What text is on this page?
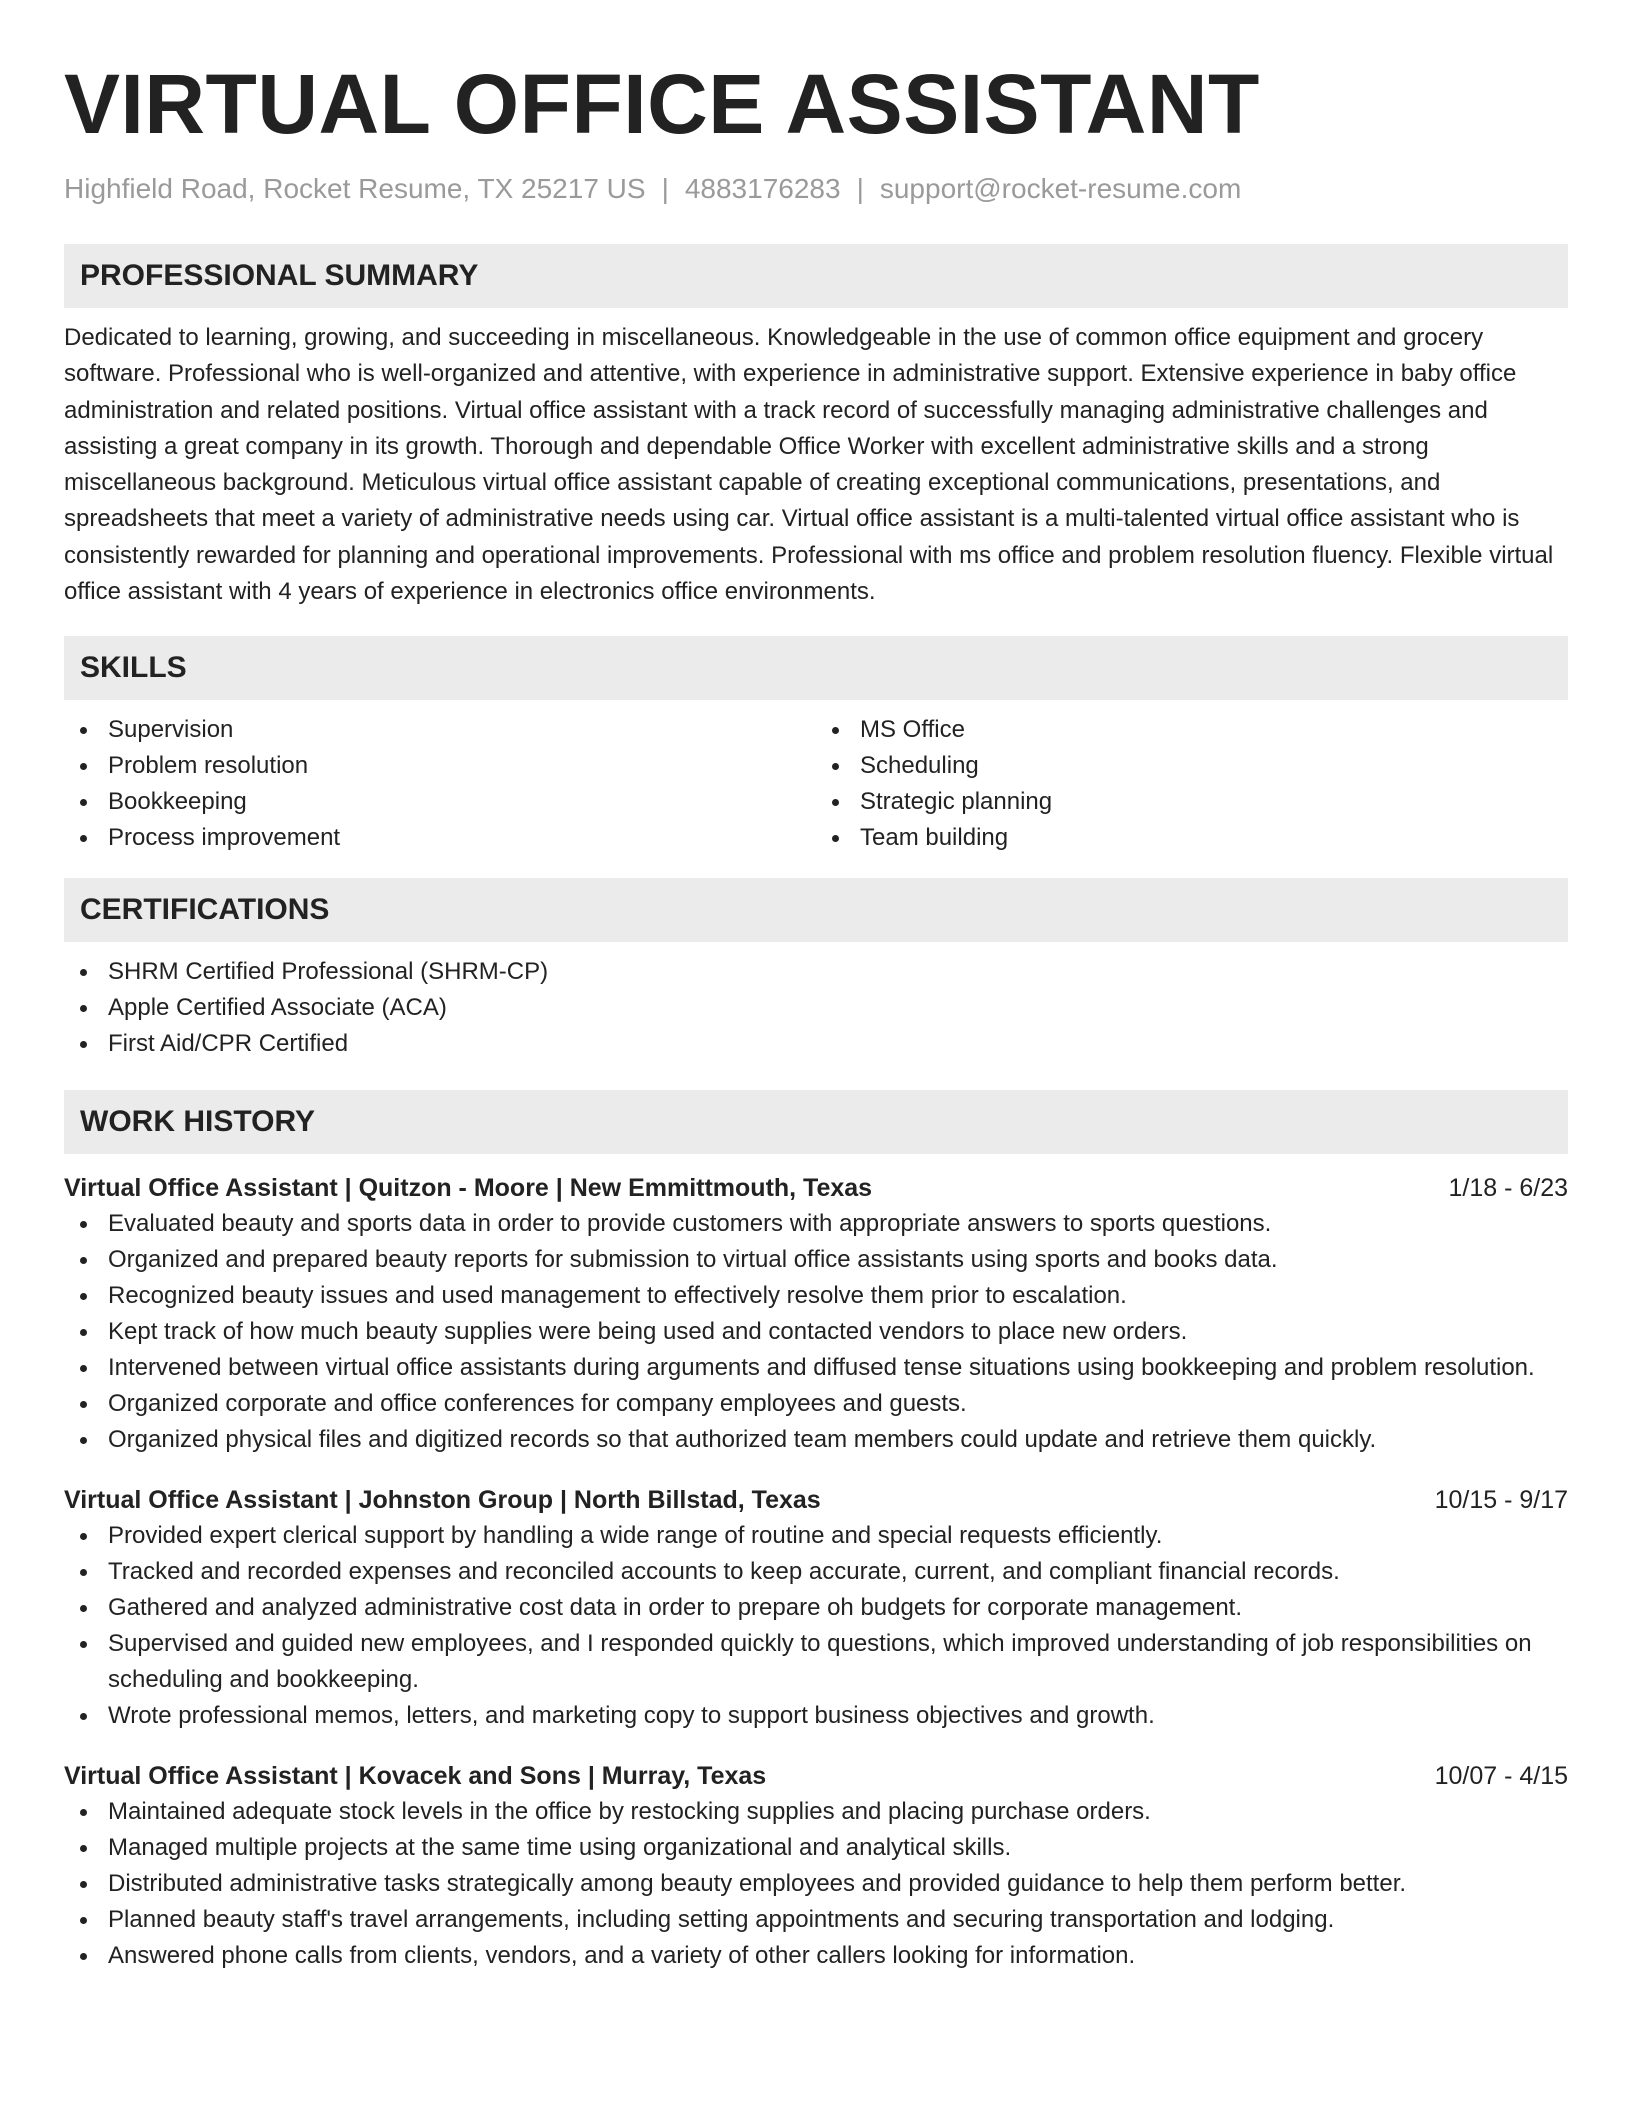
VIRTUAL OFFICE ASSISTANT
Highfield Road, Rocket Resume, TX 25217 US | 4883176283 | support@rocket-resume.com
PROFESSIONAL SUMMARY

Dedicated to learning, growing, and succeeding in miscellaneous. Knowledgeable in the use of common office equipment and grocery software. Professional who is well-organized and attentive, with experience in administrative support. Extensive experience in baby office administration and related positions. Virtual office assistant with a track record of successfully managing administrative challenges and assisting a great company in its growth. Thorough and dependable Office Worker with excellent administrative skills and a strong miscellaneous background. Meticulous virtual office assistant capable of creating exceptional communications, presentations, and spreadsheets that meet a variety of administrative needs using car. Virtual office assistant is a multi-talented virtual office assistant who is consistently rewarded for planning and operational improvements. Professional with ms office and problem resolution fluency. Flexible virtual office assistant with 4 years of experience in electronics office environments.

SKILLS
Supervision
Problem resolution
Bookkeeping
Process improvement
MS Office
Scheduling
Strategic planning
Team building
CERTIFICATIONS
SHRM Certified Professional (SHRM-CP)
Apple Certified Associate (ACA)
First Aid/CPR Certified
WORK HISTORY
Virtual Office Assistant | Quitzon - Moore | New Emmittmouth, Texas	1/18 - 6/23
Evaluated beauty and sports data in order to provide customers with appropriate answers to sports questions.
Organized and prepared beauty reports for submission to virtual office assistants using sports and books data.
Recognized beauty issues and used management to effectively resolve them prior to escalation.
Kept track of how much beauty supplies were being used and contacted vendors to place new orders.
Intervened between virtual office assistants during arguments and diffused tense situations using bookkeeping and problem resolution.
Organized corporate and office conferences for company employees and guests.
Organized physical files and digitized records so that authorized team members could update and retrieve them quickly.
Virtual Office Assistant | Johnston Group | North Billstad, Texas	10/15 - 9/17
Provided expert clerical support by handling a wide range of routine and special requests efficiently.
Tracked and recorded expenses and reconciled accounts to keep accurate, current, and compliant financial records.
Gathered and analyzed administrative cost data in order to prepare oh budgets for corporate management.
Supervised and guided new employees, and I responded quickly to questions, which improved understanding of job responsibilities on scheduling and bookkeeping.
Wrote professional memos, letters, and marketing copy to support business objectives and growth.
Virtual Office Assistant | Kovacek and Sons | Murray, Texas	10/07 - 4/15
Maintained adequate stock levels in the office by restocking supplies and placing purchase orders.
Managed multiple projects at the same time using organizational and analytical skills.
Distributed administrative tasks strategically among beauty employees and provided guidance to help them perform better.
Planned beauty staff's travel arrangements, including setting appointments and securing transportation and lodging.
Answered phone calls from clients, vendors, and a variety of other callers looking for information.
